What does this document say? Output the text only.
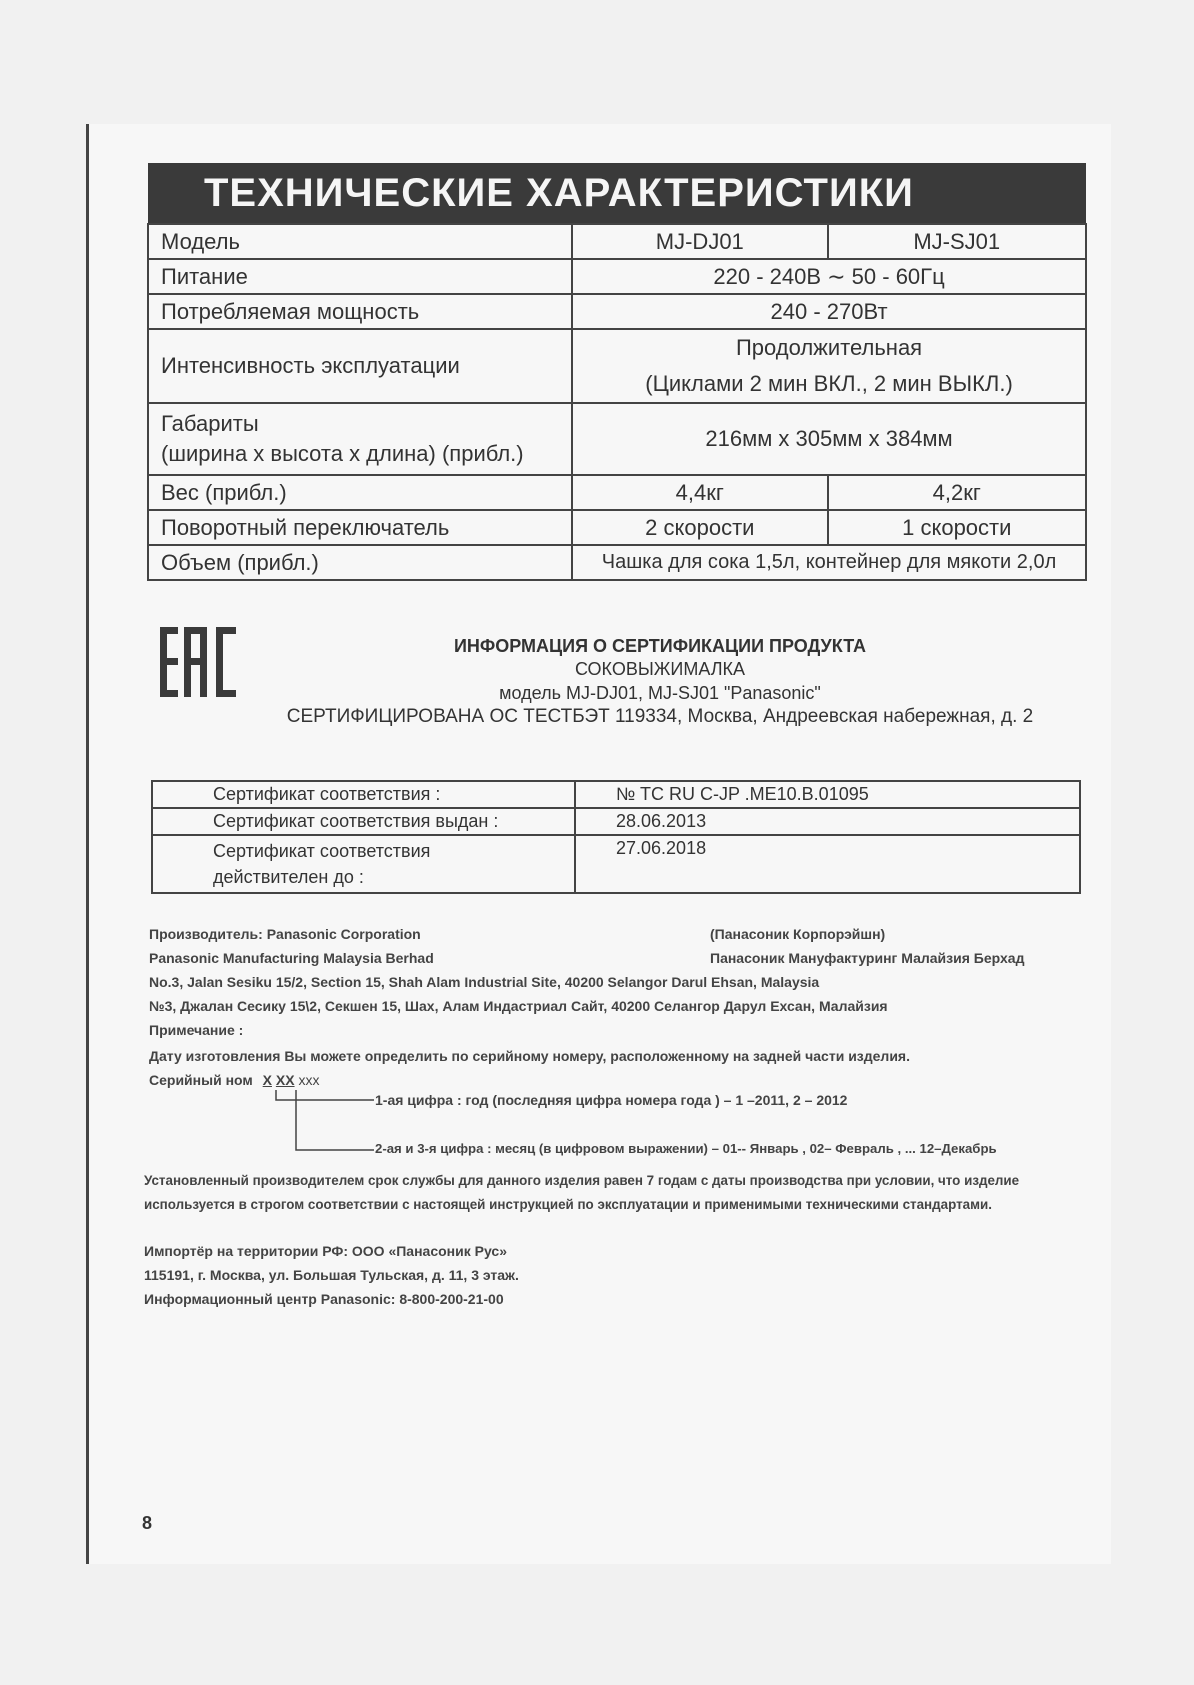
ТЕХНИЧЕСКИЕ ХАРАКТЕРИСТИКИ
Модель	MJ-DJ01	MJ-SJ01
Питание	220 - 240В ∼ 50 - 60Гц	
Потребляемая мощность	240 - 270Вт	
Интенсивность эксплуатации	Продолжительная
(Циклами 2 мин ВКЛ., 2 мин ВЫКЛ.)	

Габариты
(ширина х высота х длина) (прибл.)	216мм х 305мм х 384мм	
Вес (прибл.)	4,4кг	4,2кг
Поворотный переключатель	2 скорости	1 скорости
Объем (прибл.)	Чашка для сока 1,5л, контейнер для мякоти 2,0л	
ИНФОРМАЦИЯ О СЕРТИФИКАЦИИ ПРОДУКТА
СОКОВЫЖИМАЛКА
модель MJ-DJ01, MJ-SJ01 "Panasonic"
СЕРТИФИЦИРОВАНА ОС ТЕСТБЭТ 119334, Москва, Андреевская набережная, д. 2
Сертификат соответствия :	№ TC RU C-JP .ME10.B.01095
Сертификат соответствия выдан :	28.06.2013

Сертификат соответствия
действителен до :	27.06.2018
Производитель: Panasonic Corporation	(Панасоник Корпорэйшн)
Panasonic Manufacturing Malaysia Berhad	Панасоник Мануфактуринг Малайзия Берхад
No.3, Jalan Sesiku 15/2, Section 15, Shah Alam Industrial Site, 40200 Selangor Darul Ehsan, Malaysia
№3, Джалан Сесику 15\2, Секшен 15, Шах, Алам Индастриал Сайт, 40200 Селангор Дарул Ехсан, Малайзия
Примечание :
Дату изготовления Вы можете определить по серийному номеру, расположенному на задней части изделия.
Серийный ном X XX xxx
1-ая цифра : год (последняя цифра номера года ) – 1 –2011, 2 – 2012
2-ая и 3-я цифра : месяц (в цифровом выражении) – 01-- Январь , 02– Февраль , ... 12–Декабрь
Установленный производителем срок службы для данного изделия равен 7 годам с даты производства при условии, что изделие
используется в строгом соответствии с настоящей инструкцией по эксплуатации и применимыми техническими стандартами.
Импортёр на территории РФ: ООО «Панасоник Рус»
115191, г. Москва, ул. Большая Тульская, д. 11, 3 этаж.
Информационный центр Panasonic: 8-800-200-21-00
8
